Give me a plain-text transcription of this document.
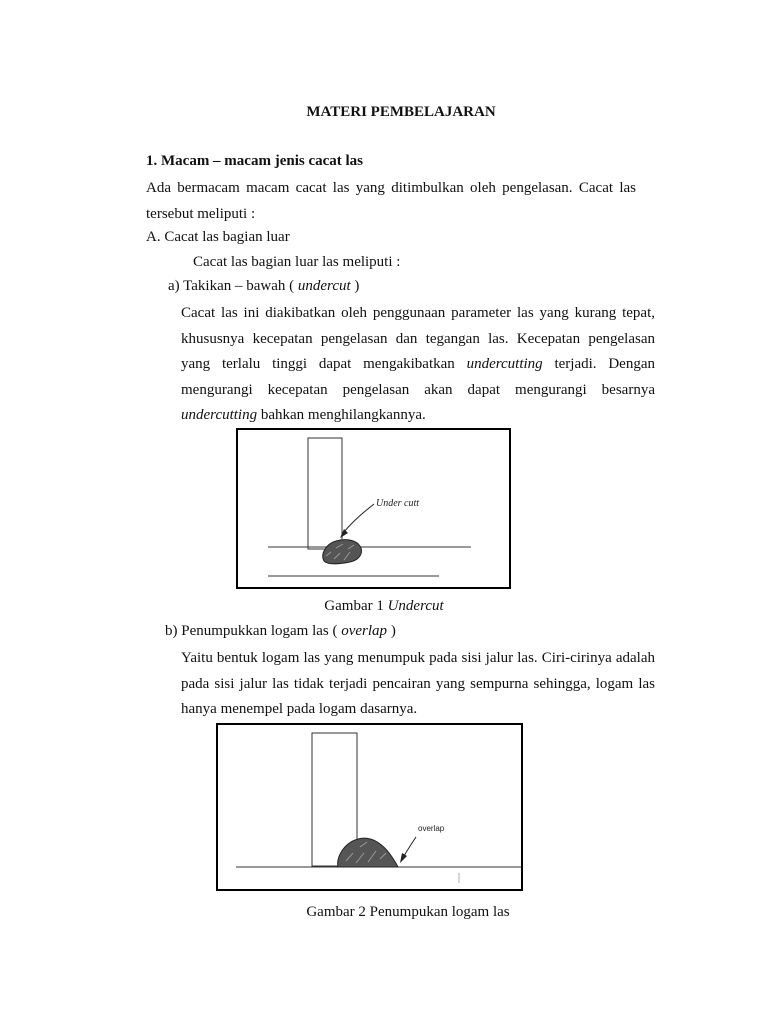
MATERI PEMBELAJARAN
1. Macam – macam jenis cacat las
Ada bermacam macam cacat las yang ditimbulkan oleh pengelasan. Cacat las tersebut meliputi :
A. Cacat las bagian luar
Cacat las bagian luar las meliputi :
a) Takikan – bawah ( undercut )
Cacat las ini diakibatkan oleh penggunaan parameter las yang kurang tepat, khususnya kecepatan pengelasan dan tegangan las. Kecepatan pengelasan yang terlalu tinggi dapat mengakibatkan undercutting terjadi. Dengan mengurangi kecepatan pengelasan akan dapat mengurangi besarnya undercutting bahkan menghilangkannya.
Under cutt
Gambar 1 Undercut
b) Penumpukkan logam las ( overlap )
Yaitu bentuk logam las yang menumpuk pada sisi jalur las. Ciri-cirinya adalah pada sisi jalur las tidak terjadi pencairan yang sempurna sehingga, logam las hanya menempel pada logam dasarnya.
overlap
Gambar 2 Penumpukan logam las
